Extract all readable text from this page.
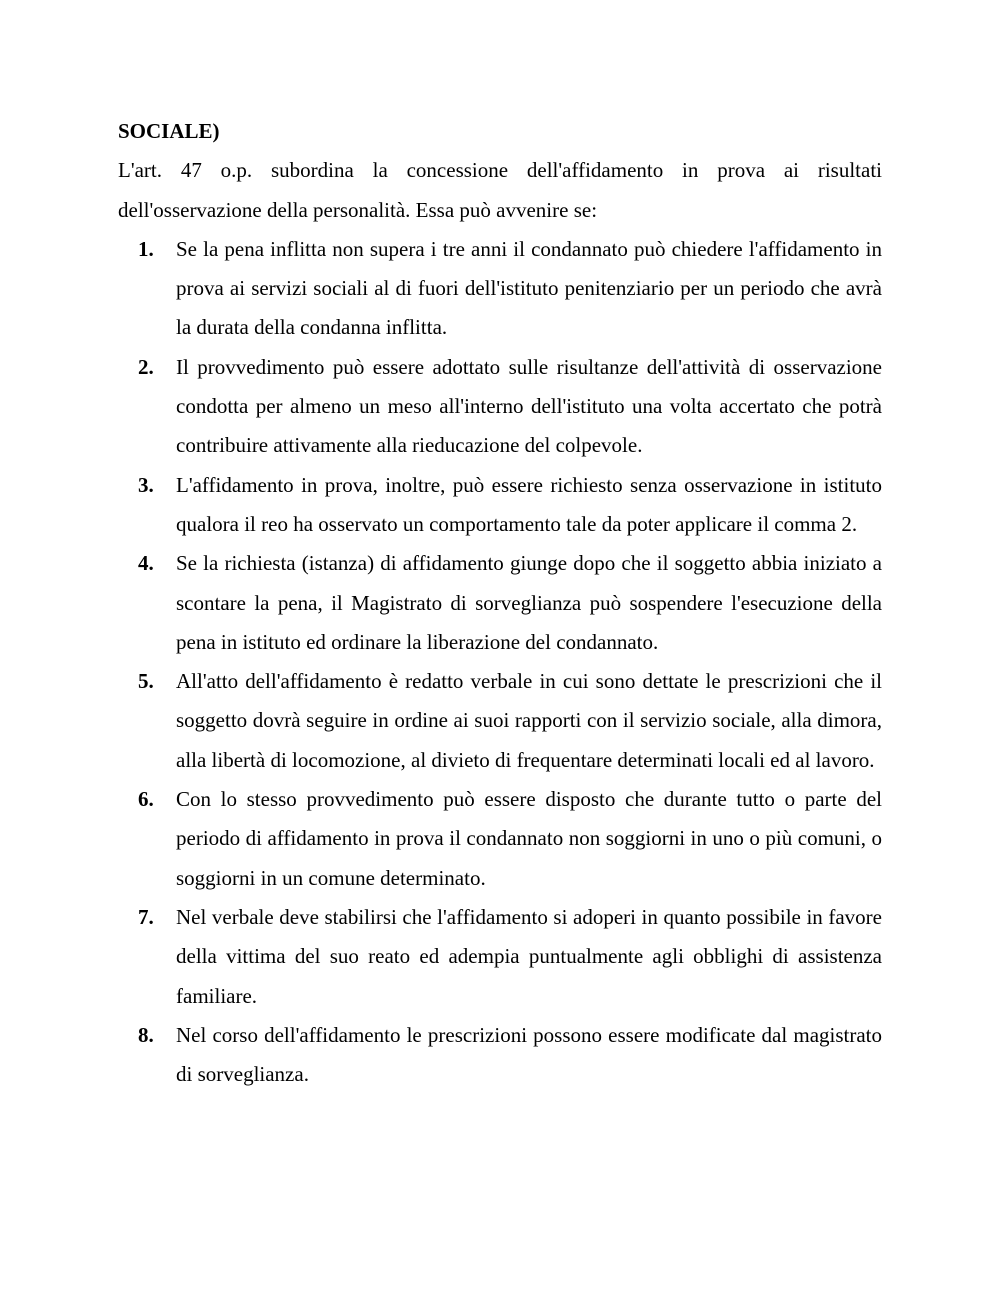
SOCIALE)

L'art. 47 o.p. subordina la concessione dell'affidamento in prova ai risultati dell'osservazione della personalità. Essa può avvenire se:

1. Se la pena inflitta non supera i tre anni il condannato può chiedere l'affidamento in prova ai servizi sociali al di fuori dell'istituto penitenziario per un periodo che avrà la durata della condanna inflitta.
2. Il provvedimento può essere adottato sulle risultanze dell'attività di osservazione condotta per almeno un meso all'interno dell'istituto una volta accertato che potrà contribuire attivamente alla rieducazione del colpevole.
3. L'affidamento in prova, inoltre, può essere richiesto senza osservazione in istituto qualora il reo ha osservato un comportamento tale da poter applicare il comma 2.
4. Se la richiesta (istanza) di affidamento giunge dopo che il soggetto abbia iniziato a scontare la pena, il Magistrato di sorveglianza può sospendere l'esecuzione della pena in istituto ed ordinare la liberazione del condannato.
5. All'atto dell'affidamento è redatto verbale in cui sono dettate le prescrizioni che il soggetto dovrà seguire in ordine ai suoi rapporti con il servizio sociale, alla dimora, alla libertà di locomozione, al divieto di frequentare determinati locali ed al lavoro.
6. Con lo stesso provvedimento può essere disposto che durante tutto o parte del periodo di affidamento in prova il condannato non soggiorni in uno o più comuni, o soggiorni in un comune determinato.
7. Nel verbale deve stabilirsi che l'affidamento si adoperi in quanto possibile in favore della vittima del suo reato ed adempia puntualmente agli obblighi di assistenza familiare.
8. Nel corso dell'affidamento le prescrizioni possono essere modificate dal magistrato di sorveglianza.
